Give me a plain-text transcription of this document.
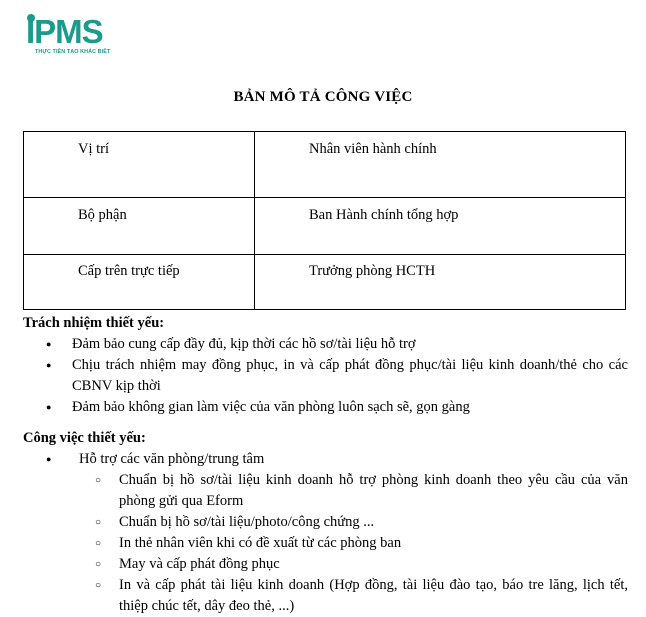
IPMS
THỰC TIỄN TẠO KHÁC BIỆT
BẢN MÔ TẢ CÔNG VIỆC
Vị trí	Nhân viên hành chính
Bộ phận	Ban Hành chính tổng hợp
Cấp trên trực tiếp	Trưởng phòng HCTH
Trách nhiệm thiết yếu:
● Đảm bảo cung cấp đầy đủ, kịp thời các hồ sơ/tài liệu hỗ trợ
● Chịu trách nhiệm may đồng phục, in và cấp phát đồng phục/tài liệu kinh doanh/thẻ cho các CBNV kịp thời
● Đảm bảo không gian làm việc của văn phòng luôn sạch sẽ, gọn gàng
Công việc thiết yếu:
● Hỗ trợ các văn phòng/trung tâm
○ Chuẩn bị hồ sơ/tài liệu kinh doanh hỗ trợ phòng kinh doanh theo yêu cầu của văn phòng gửi qua Eform
○ Chuẩn bị hồ sơ/tài liệu/photo/công chứng ...
○ In thẻ nhân viên khi có đề xuất từ các phòng ban
○ May và cấp phát đồng phục
○ In và cấp phát tài liệu kinh doanh (Hợp đồng, tài liệu đào tạo, báo tre lăng, lịch tết, thiệp chúc tết, dây đeo thẻ, ...)
